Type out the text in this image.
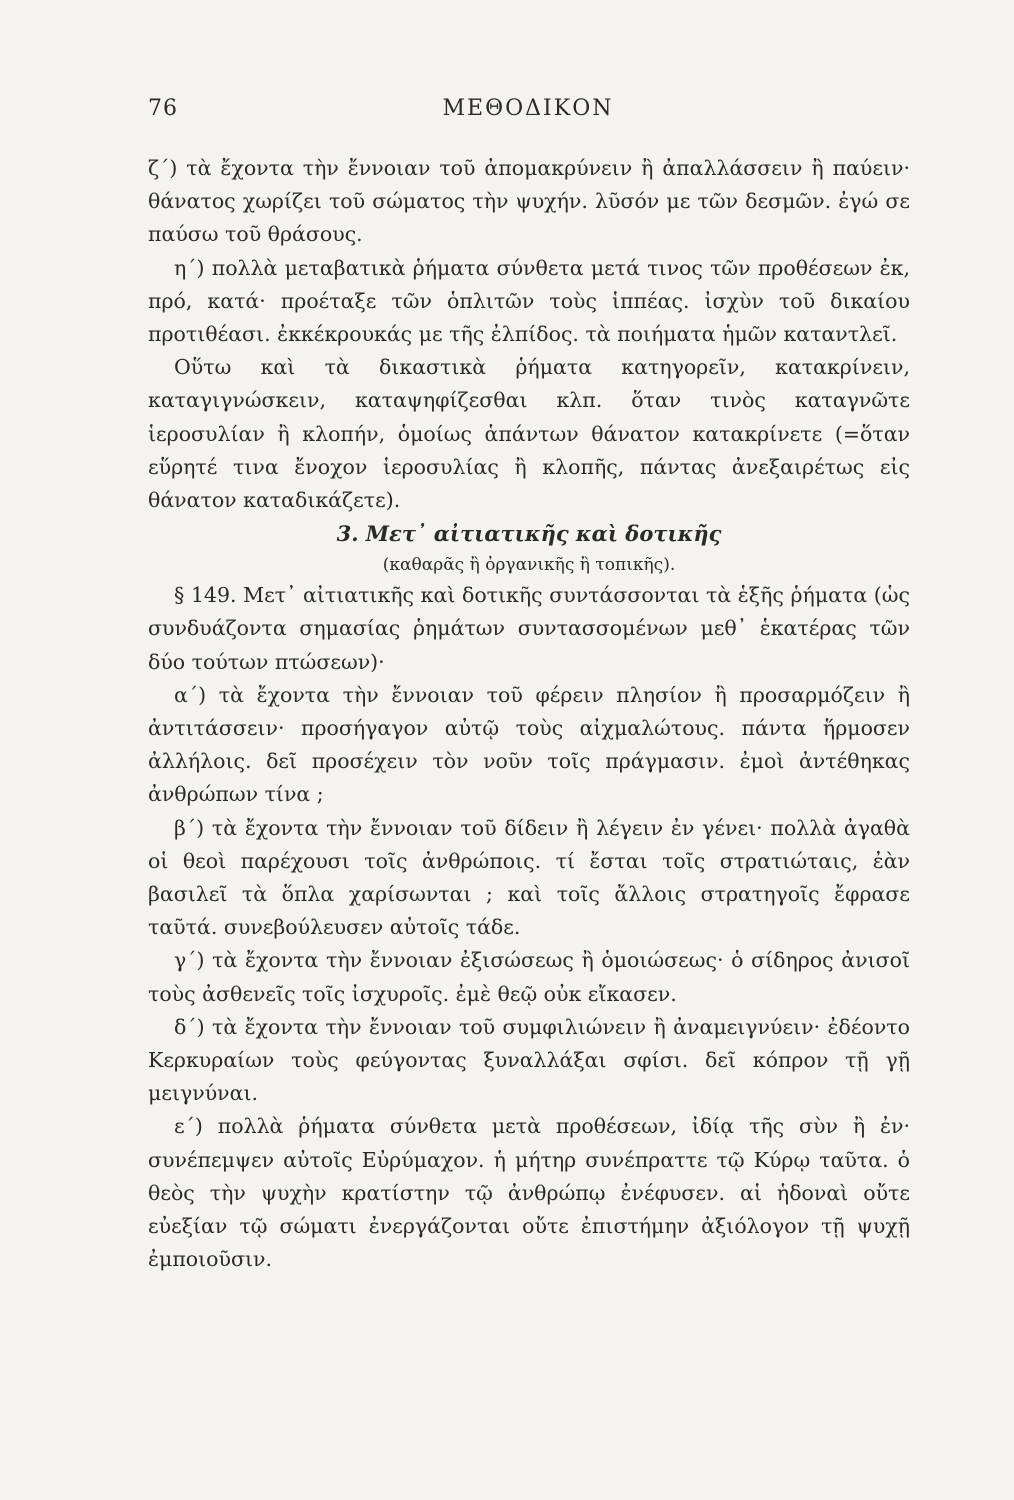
76	ΜΕΘΟΔΙΚΟΝ

ζ΄) τὰ ἔχοντα τὴν ἔννοιαν τοῦ ἀπομακρύνειν ἢ ἀπαλλάσσειν ἢ παύειν· θάνατος χωρίζει τοῦ σώματος τὴν ψυχήν. λῦσόν με τῶν δεσμῶν. ἐγώ σε παύσω τοῦ θράσους.

η΄) πολλὰ μεταβατικὰ ῥήματα σύνθετα μετά τινος τῶν προθέσεων ἐκ, πρό, κατά· προέταξε τῶν ὁπλιτῶν τοὺς ἱππέας. ἰσχὺν τοῦ δικαίου προτιθέασι. ἐκκέκρουκάς με τῆς ἐλπίδος. τὰ ποιήματα ἡμῶν καταντλεῖ.

Οὕτω καὶ τὰ δικαστικὰ ῥήματα κατηγορεῖν, κατακρίνειν, καταγιγνώσκειν, καταψηφίζεσθαι κλπ. ὅταν τινὸς καταγνῶτε ἱεροσυλίαν ἢ κλοπήν, ὁμοίως ἁπάντων θάνατον κατακρίνετε (=ὅταν εὕρητέ τινα ἔνοχον ἱεροσυλίας ἢ κλοπῆς, πάντας ἀνεξαιρέτως εἰς θάνατον καταδικάζετε).

3. Μετ᾽ αἰτιατικῆς καὶ δοτικῆς

(καθαρᾶς ἢ ὀργανικῆς ἢ τοπικῆς).

§ 149. Μετ᾽ αἰτιατικῆς καὶ δοτικῆς συντάσσονται τὰ ἑξῆς ῥήματα (ὡς συνδυάζοντα σημασίας ῥημάτων συντασσομένων μεθ᾽ ἑκατέρας τῶν δύο τούτων πτώσεων)·

α΄) τὰ ἔχοντα τὴν ἔννοιαν τοῦ φέρειν πλησίον ἢ προσαρμόζειν ἢ ἀντιτάσσειν· προσήγαγον αὐτῷ τοὺς αἰχμαλώτους. πάντα ἥρμοσεν ἀλλήλοις. δεῖ προσέχειν τὸν νοῦν τοῖς πράγμασιν. ἐμοὶ ἀντέθηκας ἀνθρώπων τίνα ;

β΄) τὰ ἔχοντα τὴν ἔννοιαν τοῦ δίδειν ἢ λέγειν ἐν γένει· πολλὰ ἀγαθὰ οἱ θεοὶ παρέχουσι τοῖς ἀνθρώποις. τί ἔσται τοῖς στρατιώταις, ἐὰν βασιλεῖ τὰ ὅπλα χαρίσωνται ; καὶ τοῖς ἄλλοις στρατηγοῖς ἔφρασε ταῦτά. συνεβούλευσεν αὐτοῖς τάδε.

γ΄) τὰ ἔχοντα τὴν ἔννοιαν ἐξισώσεως ἢ ὁμοιώσεως· ὁ σίδηρος ἀνισοῖ τοὺς ἀσθενεῖς τοῖς ἰσχυροῖς. ἐμὲ θεῷ οὐκ εἴκασεν.

δ΄) τὰ ἔχοντα τὴν ἔννοιαν τοῦ συμφιλιώνειν ἢ ἀναμειγνύειν· ἐδέοντο Κερκυραίων τοὺς φεύγοντας ξυναλλάξαι σφίσι. δεῖ κόπρον τῇ γῇ μειγνύναι.

ε΄) πολλὰ ῥήματα σύνθετα μετὰ προθέσεων, ἰδίᾳ τῆς σὺν ἢ ἐν· συνέπεμψεν αὐτοῖς Εὐρύμαχον. ἡ μήτηρ συνέπραττε τῷ Κύρῳ ταῦτα. ὁ θεὸς τὴν ψυχὴν κρατίστην τῷ ἀνθρώπῳ ἐνέφυσεν. αἱ ἡδοναὶ οὔτε εὐεξίαν τῷ σώματι ἐνεργάζονται οὔτε ἐπιστήμην ἀξιόλογον τῇ ψυχῇ ἐμποιοῦσιν.
